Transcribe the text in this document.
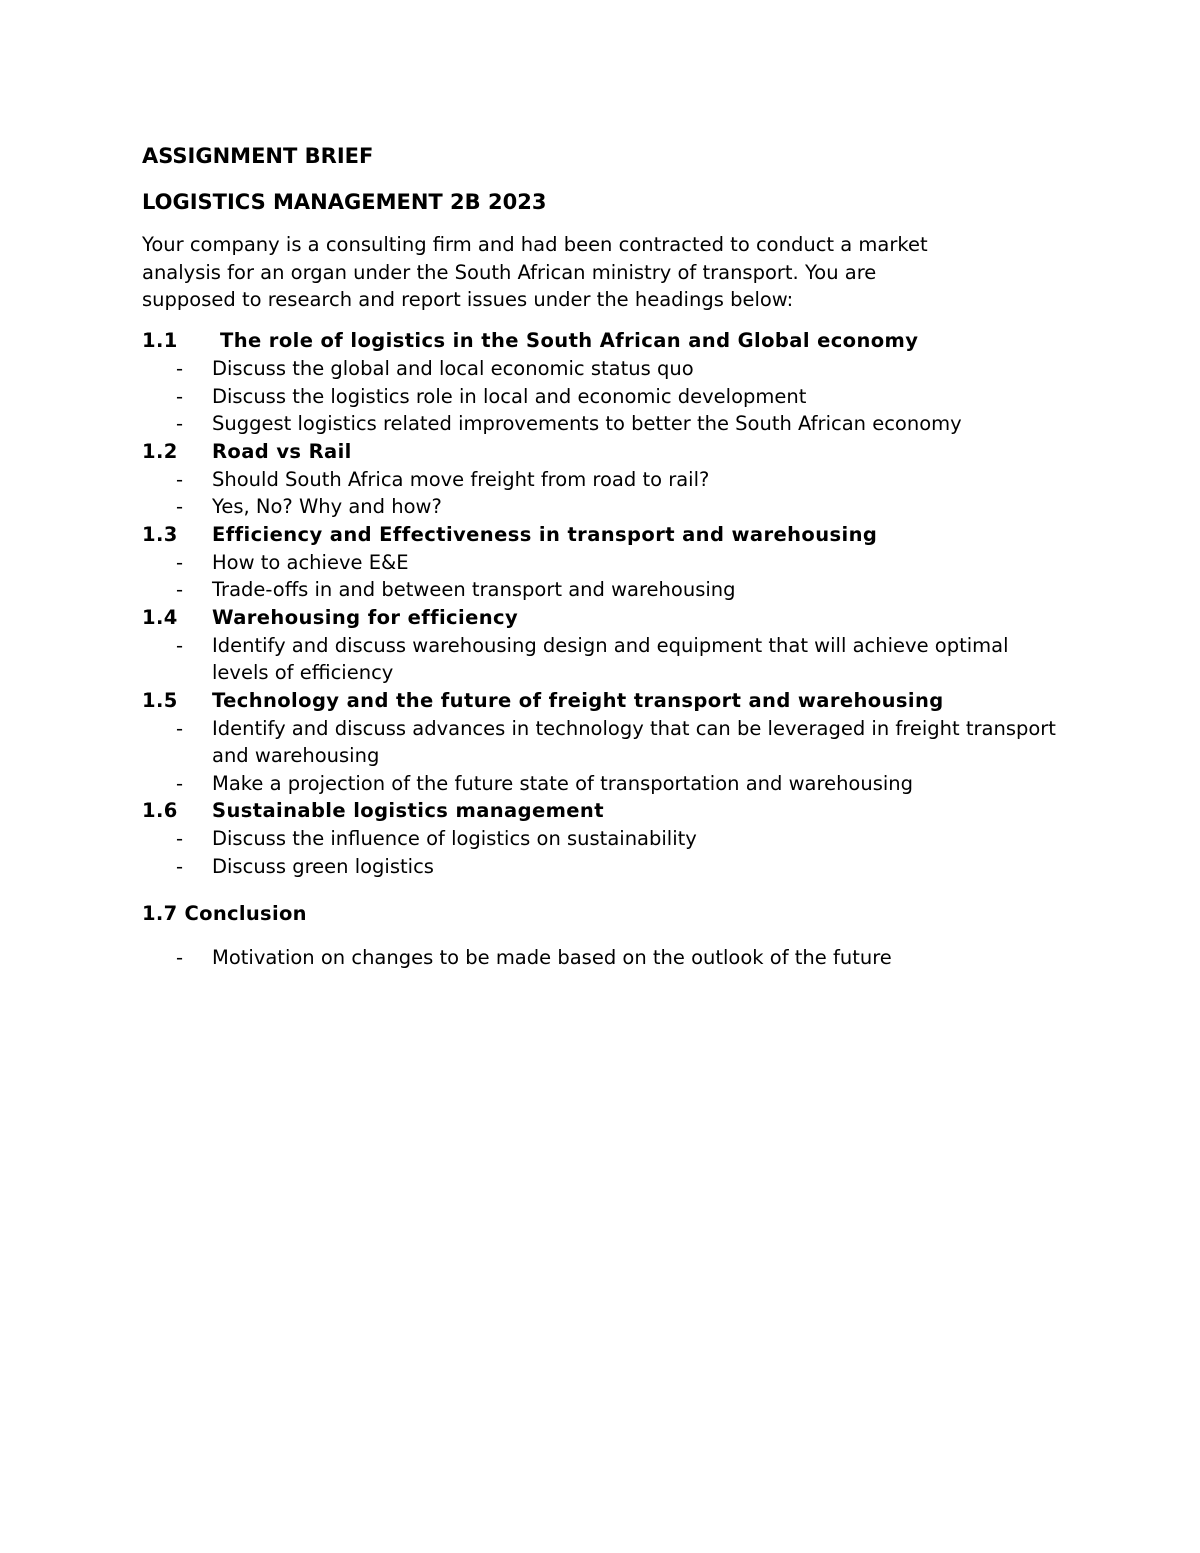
ASSIGNMENT BRIEF
LOGISTICS MANAGEMENT 2B 2023

Your company is a consulting firm and had been contracted to conduct a market

analysis for an organ under the South African ministry of transport. You are

supposed to research and report issues under the headings below:

1.1	The role of logistics in the South African and Global economy
-	Discuss the global and local economic status quo
-	Discuss the logistics role in local and economic development
-	Suggest logistics related improvements to better the South African economy
1.2	Road vs Rail
-	Should South Africa move freight from road to rail?
-	Yes, No? Why and how?
1.3	Efficiency and Effectiveness in transport and warehousing
-	How to achieve E&E
-	Trade-offs in and between transport and warehousing
1.4	Warehousing for efficiency
-	Identify and discuss warehousing design and equipment that will achieve optimal levels of efficiency
1.5	Technology and the future of freight transport and warehousing
-	Identify and discuss advances in technology that can be leveraged in freight transport and warehousing
-	Make a projection of the future state of transportation and warehousing
1.6	Sustainable logistics management
-	Discuss the influence of logistics on sustainability
-	Discuss green logistics
1.7 Conclusion
-	Motivation on changes to be made based on the outlook of the future
